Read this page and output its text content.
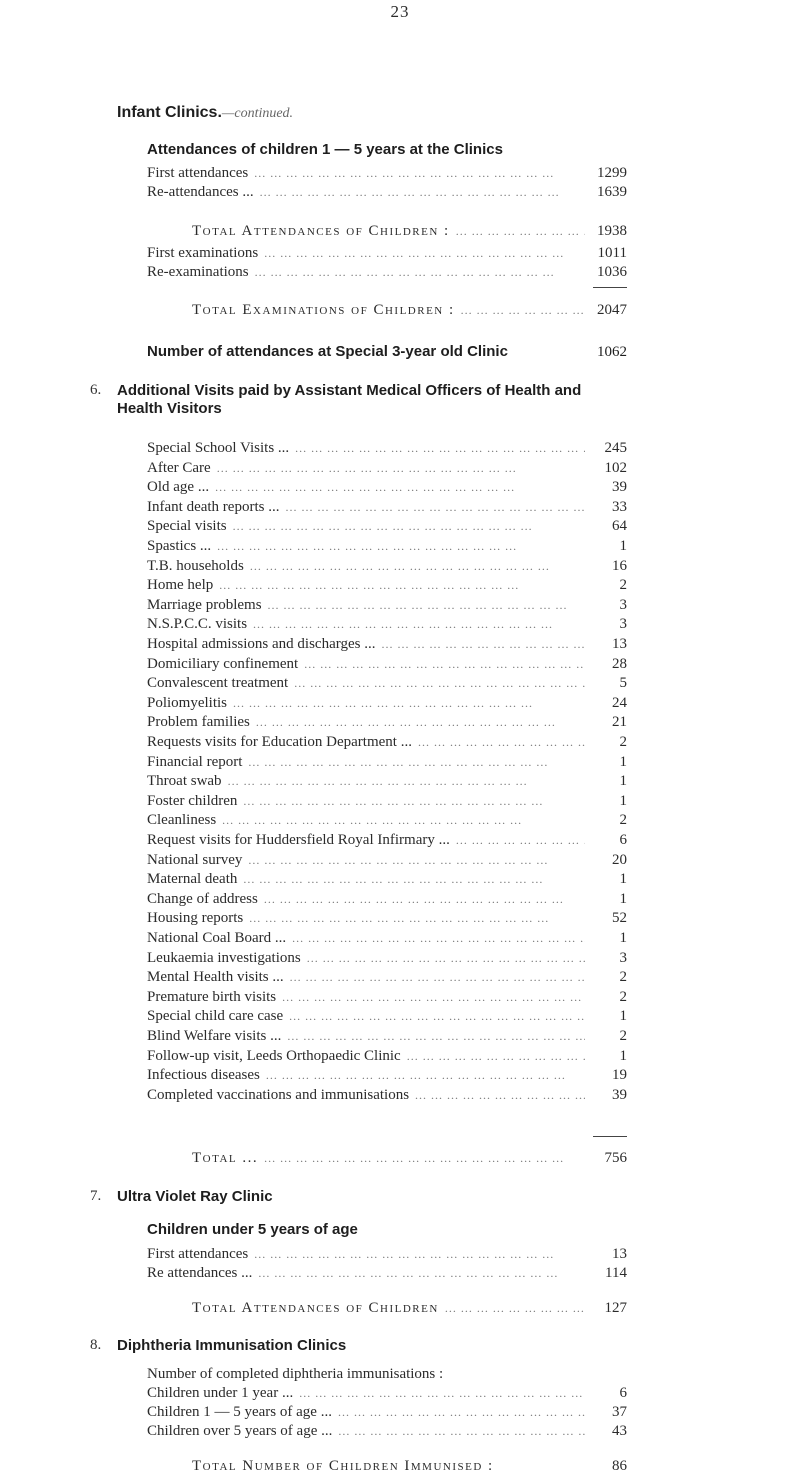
23
Infant Clinics.—continued.
Attendances of children 1 — 5 years at the Clinics
First attendances ...	1299
Re-attendances ... ...	1639
Total Attendances of Children : ...	1938
First examinations ...	1011
Re-examinations ...	1036
Total Examinations of Children : ...	2047
Number of attendances at Special 3-year old Clinic	1062
6. Additional Visits paid by Assistant Medical Officers of Health and
Health Visitors
Special School Visits ... ...	245
After Care ...	102
Old age ... ...	39
Infant death reports ... ...	33
Special visits ...	64
Spastics ... ...	1
T.B. households ...	16
Home help ...	2
Marriage problems ...	3
N.S.P.C.C. visits ...	3
Hospital admissions and discharges ... ...	13
Domiciliary confinement ...	28
Convalescent treatment ...	5
Poliomyelitis ...	24
Problem families ...	21
Requests visits for Education Department ... ...	2
Financial report ...	1
Throat swab ...	1
Foster children ...	1
Cleanliness ...	2
Request visits for Huddersfield Royal Infirmary ... ...	6
National survey ...	20
Maternal death ...	1
Change of address ...	1
Housing reports ...	52
National Coal Board ... ...	1
Leukaemia investigations ...	3
Mental Health visits ... ...	2
Premature birth visits ...	2
Special child care case ...	1
Blind Welfare visits ... ...	2
Follow-up visit, Leeds Orthopaedic Clinic ...	1
Infectious diseases ...	19
Completed vaccinations and immunisations ...	39
Total ... ...	756
7. Ultra Violet Ray Clinic
Children under 5 years of age
First attendances ...	13
Re attendances ... ...	114
Total Attendances of Children ...	127
8. Diphtheria Immunisation Clinics
Number of completed diphtheria immunisations :
Children under 1 year ... ...	6
Children 1 — 5 years of age ... ...	37
Children over 5 years of age ... ...	43
Total Number of Children Immunised :	86
